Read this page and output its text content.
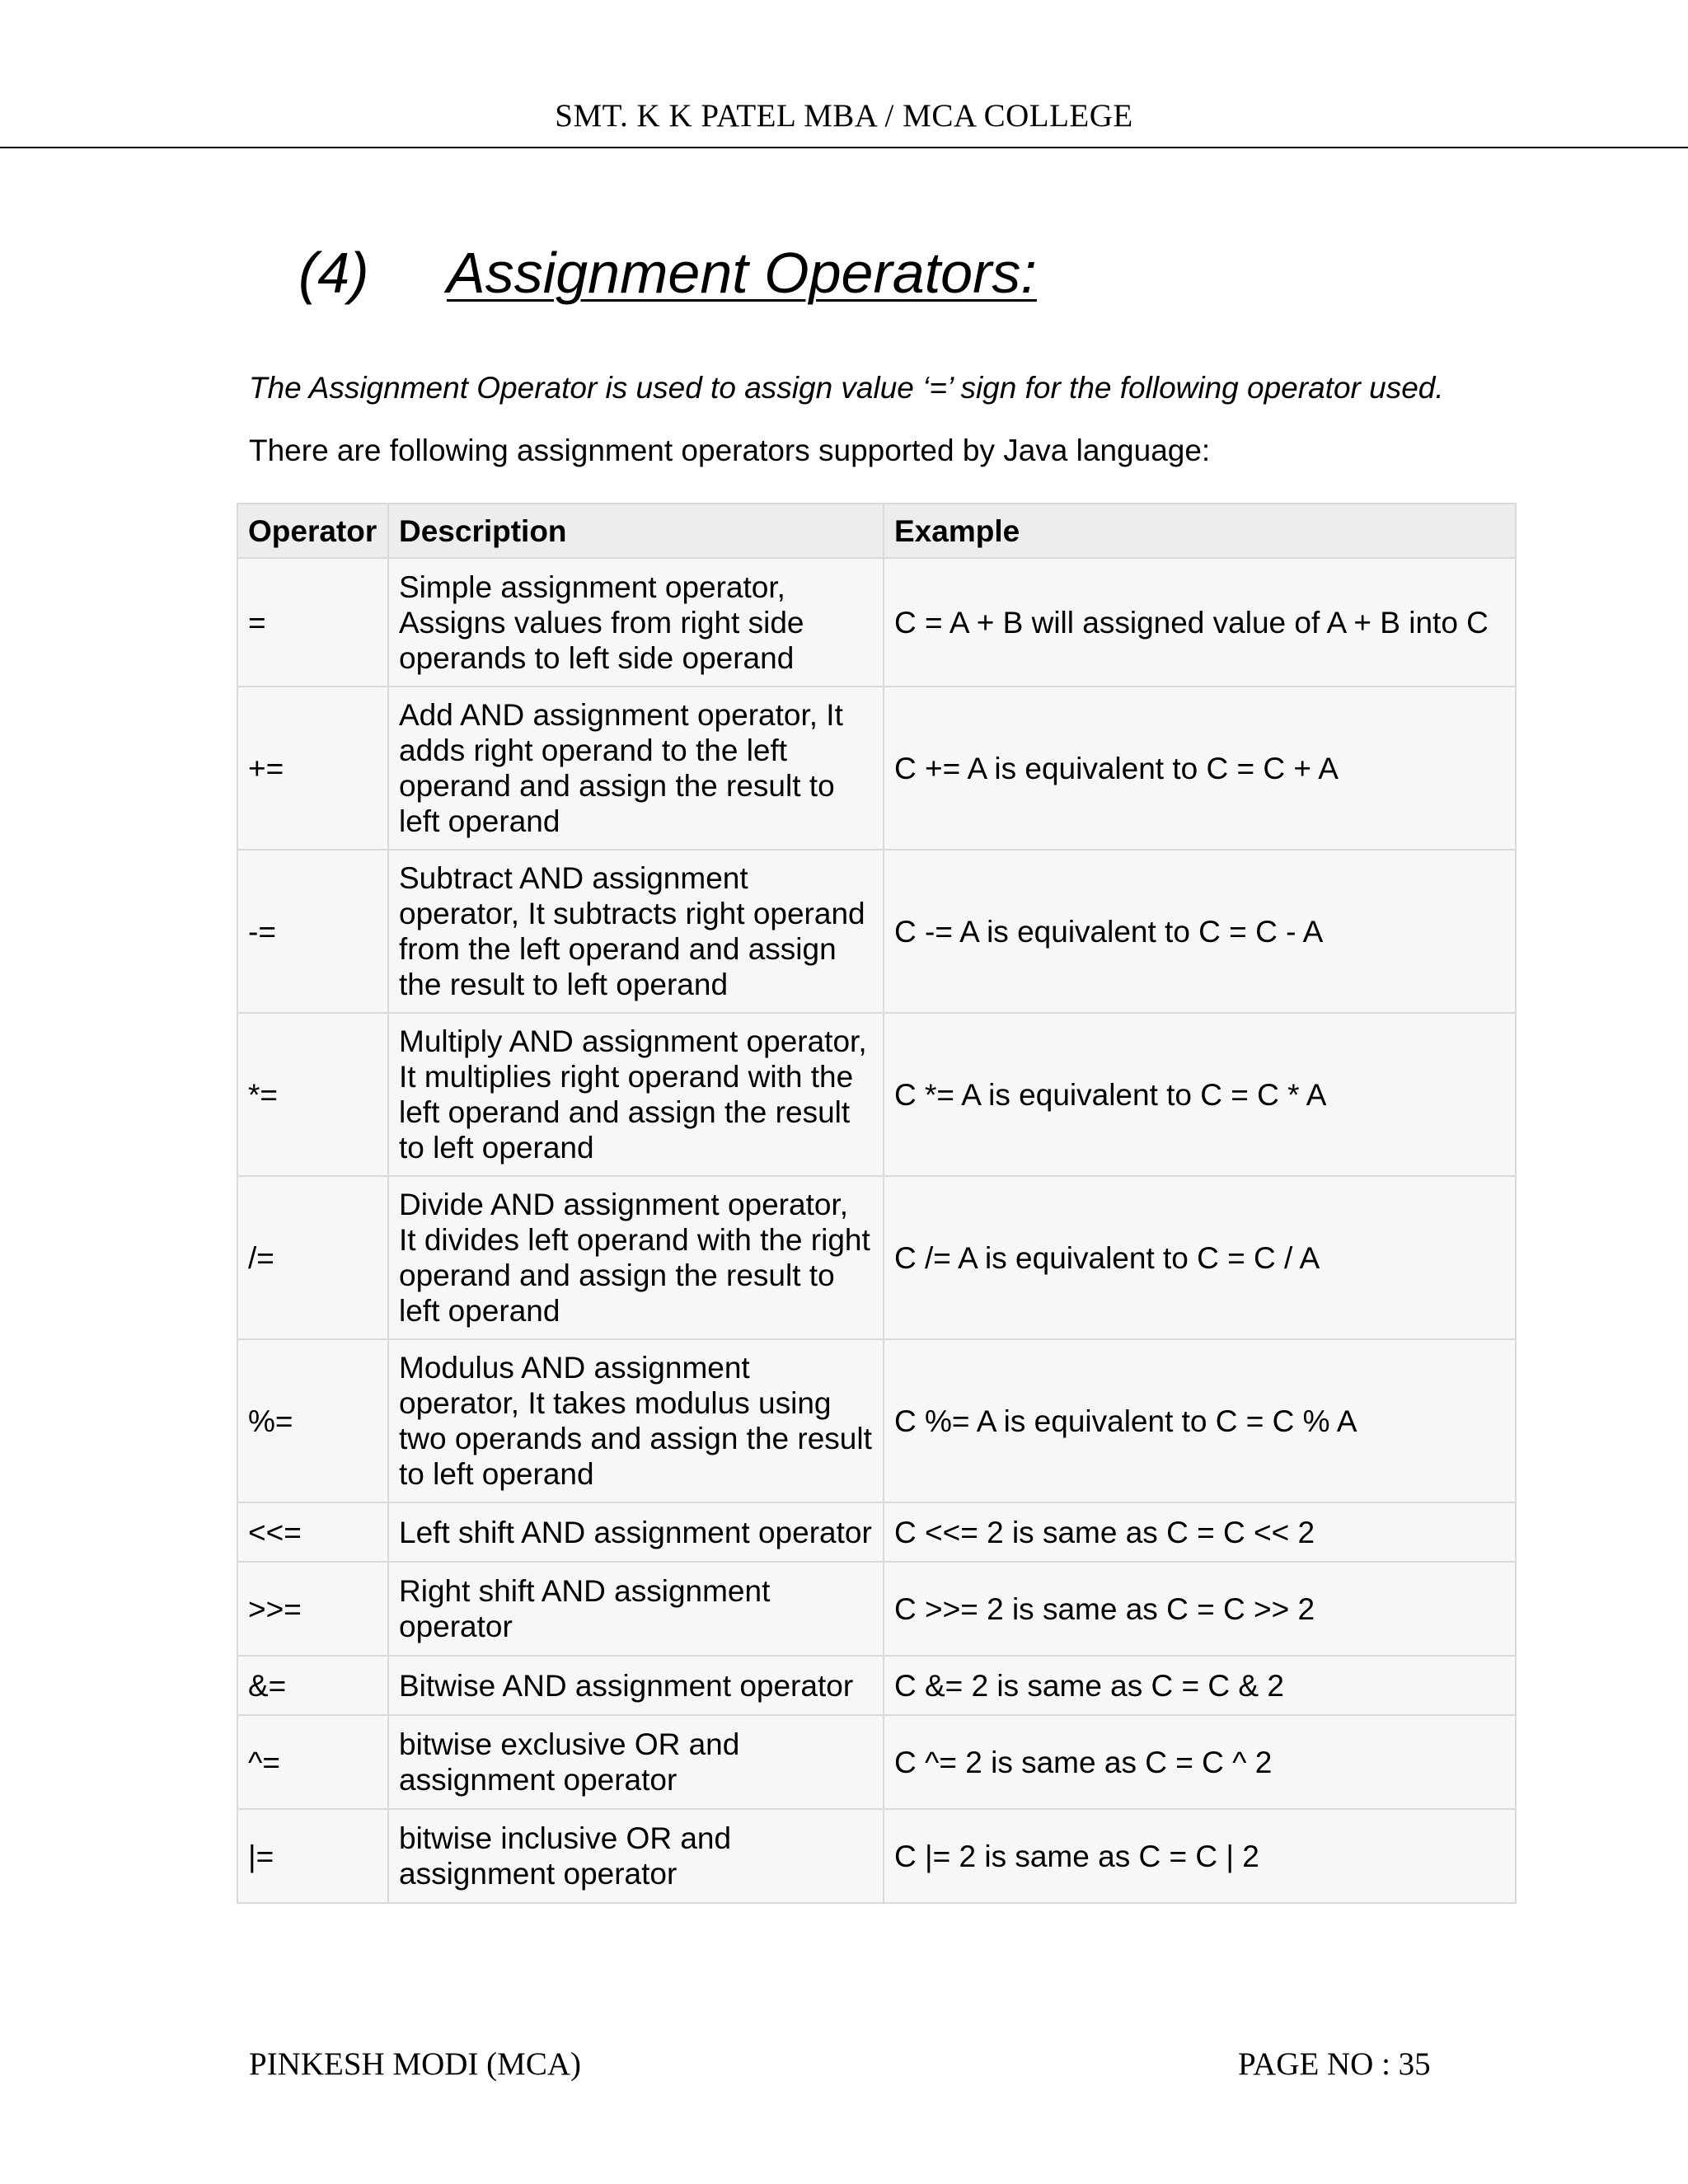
SMT. K K PATEL MBA / MCA COLLEGE
(4) Assignment Operators:
The Assignment Operator is used to assign value ‘=’ sign for the following operator used.
There are following assignment operators supported by Java language:
Operator	Description	Example
=	Simple assignment operator, Assigns values from right side operands to left side operand	C = A + B will assigned value of A + B into C
+=	Add AND assignment operator, It adds right operand to the left operand and assign the result to left operand	C += A is equivalent to C = C + A
-=	Subtract AND assignment operator, It subtracts right operand from the left operand and assign the result to left operand	C -= A is equivalent to C = C - A
*=	Multiply AND assignment operator, It multiplies right operand with the left operand and assign the result to left operand	C *= A is equivalent to C = C * A
/=	Divide AND assignment operator, It divides left operand with the right operand and assign the result to left operand	C /= A is equivalent to C = C / A
%=	Modulus AND assignment operator, It takes modulus using two operands and assign the result to left operand	C %= A is equivalent to C = C % A
<<=	Left shift AND assignment operator	C <<= 2 is same as C = C << 2
>>=	Right shift AND assignment operator	C >>= 2 is same as C = C >> 2
&=	Bitwise AND assignment operator	C &= 2 is same as C = C & 2
^=	bitwise exclusive OR and assignment operator	C ^= 2 is same as C = C ^ 2
|=	bitwise inclusive OR and assignment operator	C |= 2 is same as C = C | 2
PINKESH MODI (MCA)	PAGE NO : 35
